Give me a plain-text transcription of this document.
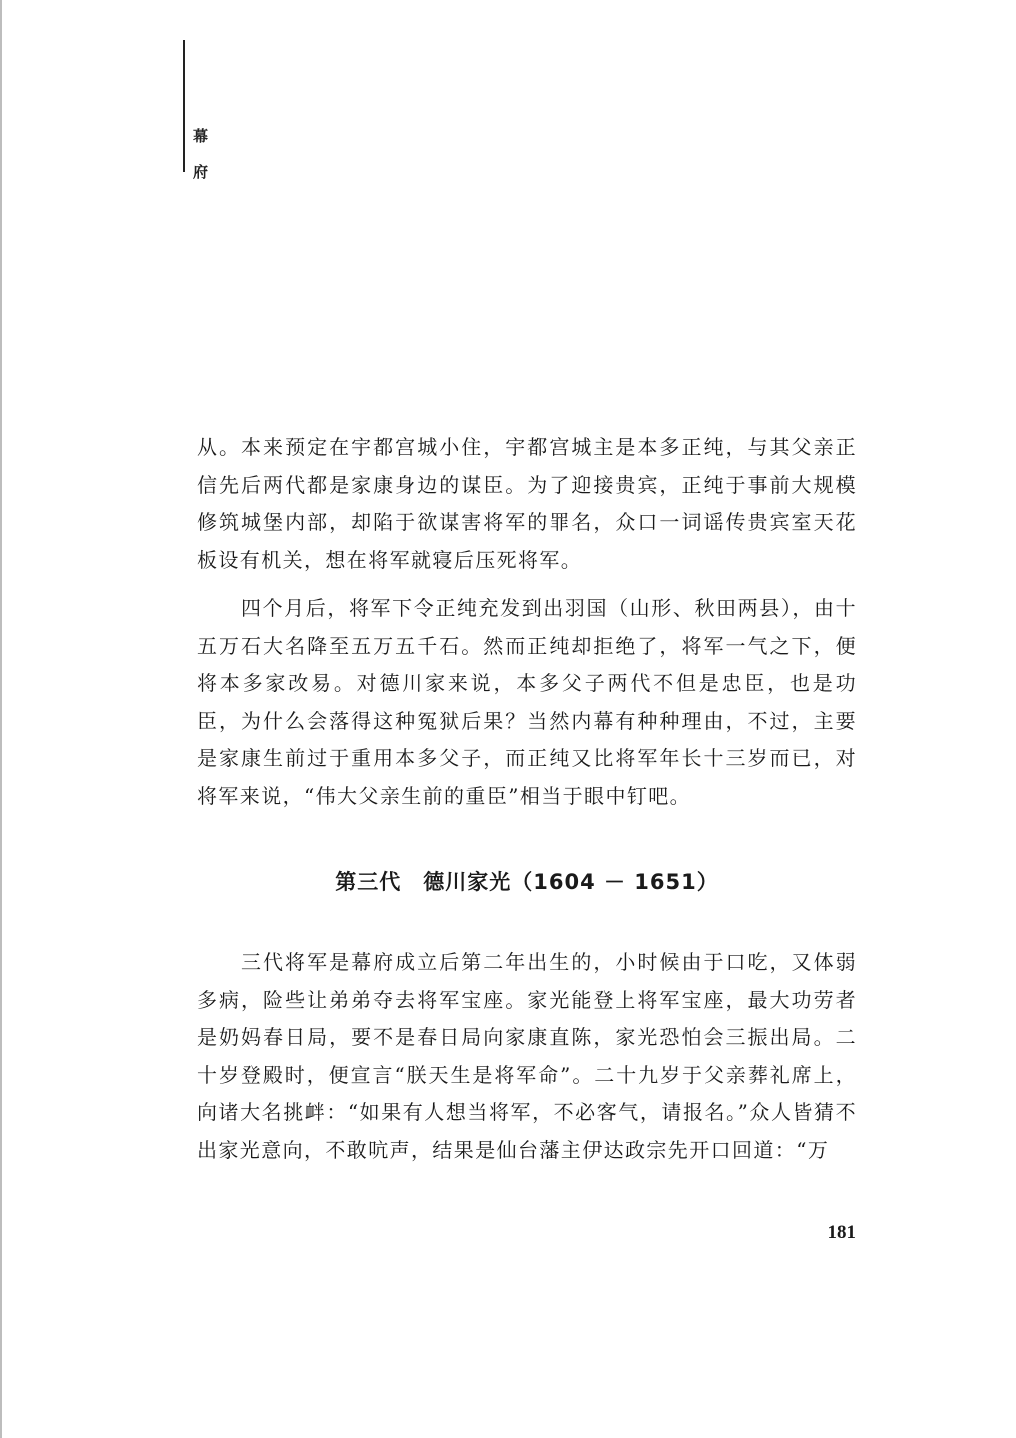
幕
府

从。本来预定在宇都宫城小住，宇都宫城主是本多正纯，与其父亲正信先后两代都是家康身边的谋臣。为了迎接贵宾，正纯于事前大规模修筑城堡内部，却陷于欲谋害将军的罪名，众口一词谣传贵宾室天花板设有机关，想在将军就寝后压死将军。

四个月后，将军下令正纯充发到出羽国（山形、秋田两县），由十五万石大名降至五万五千石。然而正纯却拒绝了，将军一气之下，便将本多家改易。对德川家来说，本多父子两代不但是忠臣，也是功臣，为什么会落得这种冤狱后果？当然内幕有种种理由，不过，主要是家康生前过于重用本多父子，而正纯又比将军年长十三岁而已，对将军来说，“伟大父亲生前的重臣”相当于眼中钉吧。

第三代　德川家光（1604 － 1651）

三代将军是幕府成立后第二年出生的，小时候由于口吃，又体弱多病，险些让弟弟夺去将军宝座。家光能登上将军宝座，最大功劳者是奶妈春日局，要不是春日局向家康直陈，家光恐怕会三振出局。二十岁登殿时，便宣言“朕天生是将军命”。二十九岁于父亲葬礼席上，向诸大名挑衅：“如果有人想当将军，不必客气，请报名。”众人皆猜不出家光意向，不敢吭声，结果是仙台藩主伊达政宗先开口回道：“万

181
